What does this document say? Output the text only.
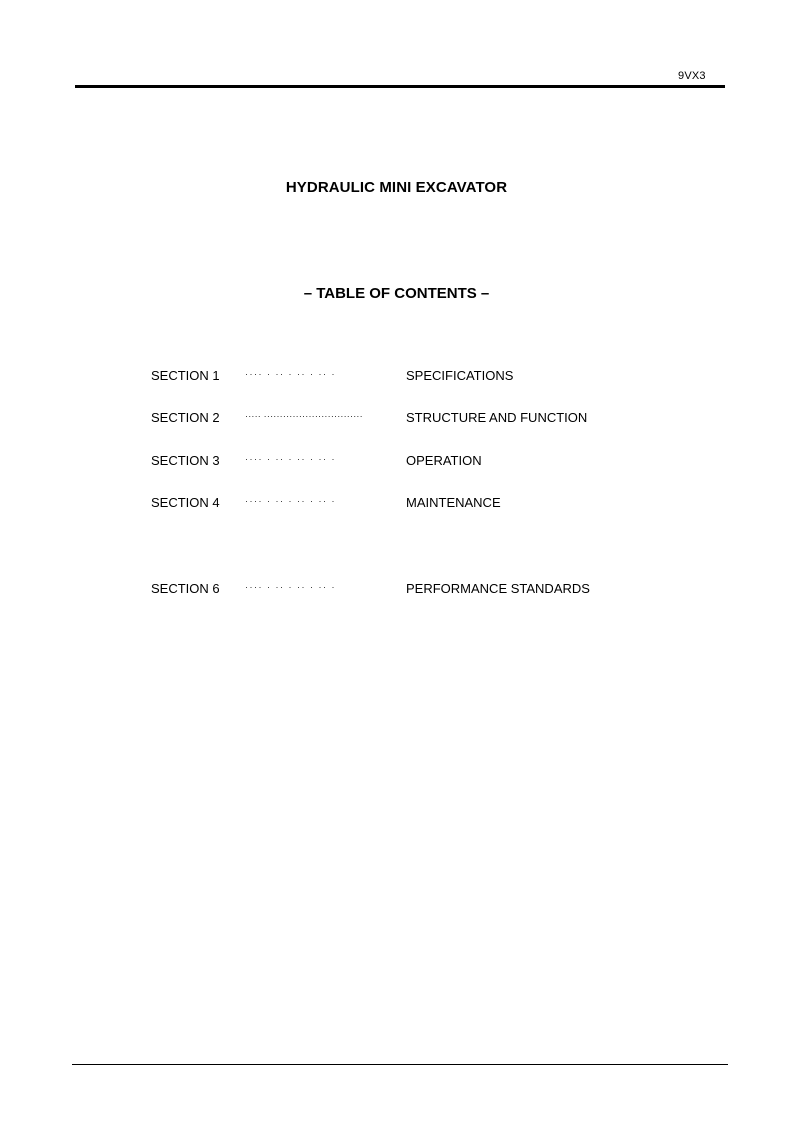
9VX3
HYDRAULIC MINI EXCAVATOR
– TABLE OF CONTENTS –
SECTION 1	···· · ·· · ·· · ·· ·	SPECIFICATIONS
SECTION 2	····· ·······························	STRUCTURE AND FUNCTION
SECTION 3	···· · ·· · ·· · ·· ·	OPERATION
SECTION 4	···· · ·· · ·· · ·· ·	MAINTENANCE
SECTION 6	···· · ·· · ·· · ·· ·	PERFORMANCE STANDARDS
